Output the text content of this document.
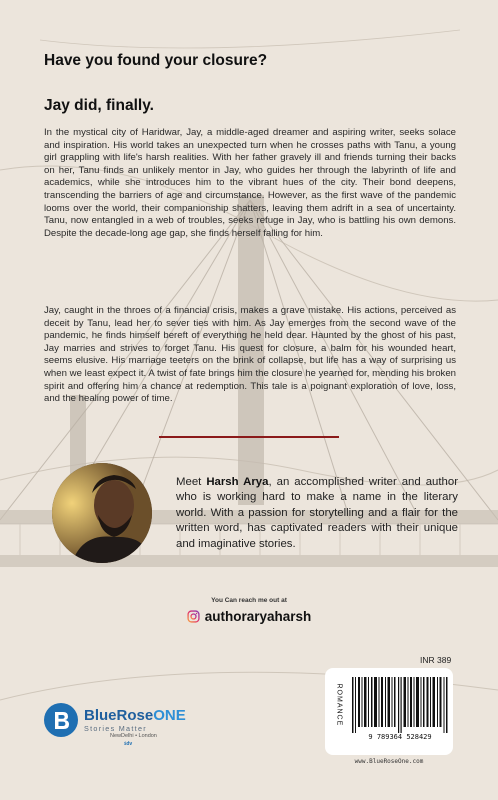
Have you found your closure?
Jay did, finally.

In the mystical city of Haridwar, Jay, a middle-aged dreamer and aspiring writer, seeks solace and inspiration. His world takes an unexpected turn when he crosses paths with Tanu, a young girl grappling with life's harsh realities. With her father gravely ill and friends turning their backs on her, Tanu finds an unlikely mentor in Jay, who guides her through the labyrinth of life and academics, while she introduces him to the vibrant hues of the city. Their bond deepens, transcending the barriers of age and circumstance. However, as the first wave of the pandemic looms over the world, their companionship shatters, leaving them adrift in a sea of uncertainty. Tanu, now entangled in a web of troubles, seeks refuge in Jay, who is battling his own demons. Despite the decade-long age gap, she finds herself falling for him.

Jay, caught in the throes of a financial crisis, makes a grave mistake. His actions, perceived as deceit by Tanu, lead her to sever ties with him. As Jay emerges from the second wave of the pandemic, he finds himself bereft of everything he held dear. Haunted by the ghost of his past, Jay marries and strives to forget Tanu. His quest for closure, a balm for his wounded heart, seems elusive. His marriage teeters on the brink of collapse, but life has a way of surprising us when we least expect it. A twist of fate brings him the closure he yearned for, mending his broken spirit and offering him a chance at redemption. This tale is a poignant exploration of love, loss, and the healing power of time.

Meet Harsh Arya, an accomplished writer and author who is working hard to make a name in the literary world. With a passion for storytelling and a flair for the written word, has captivated readers with their unique and imaginative stories.
You Can reach me out at
authoraryaharsh
INR 389
ROMANCE
9 789364 528429
www.BlueRoseOne.com
BlueRoseONE
Stories Matter
NewDelhi • London
ऽdv
